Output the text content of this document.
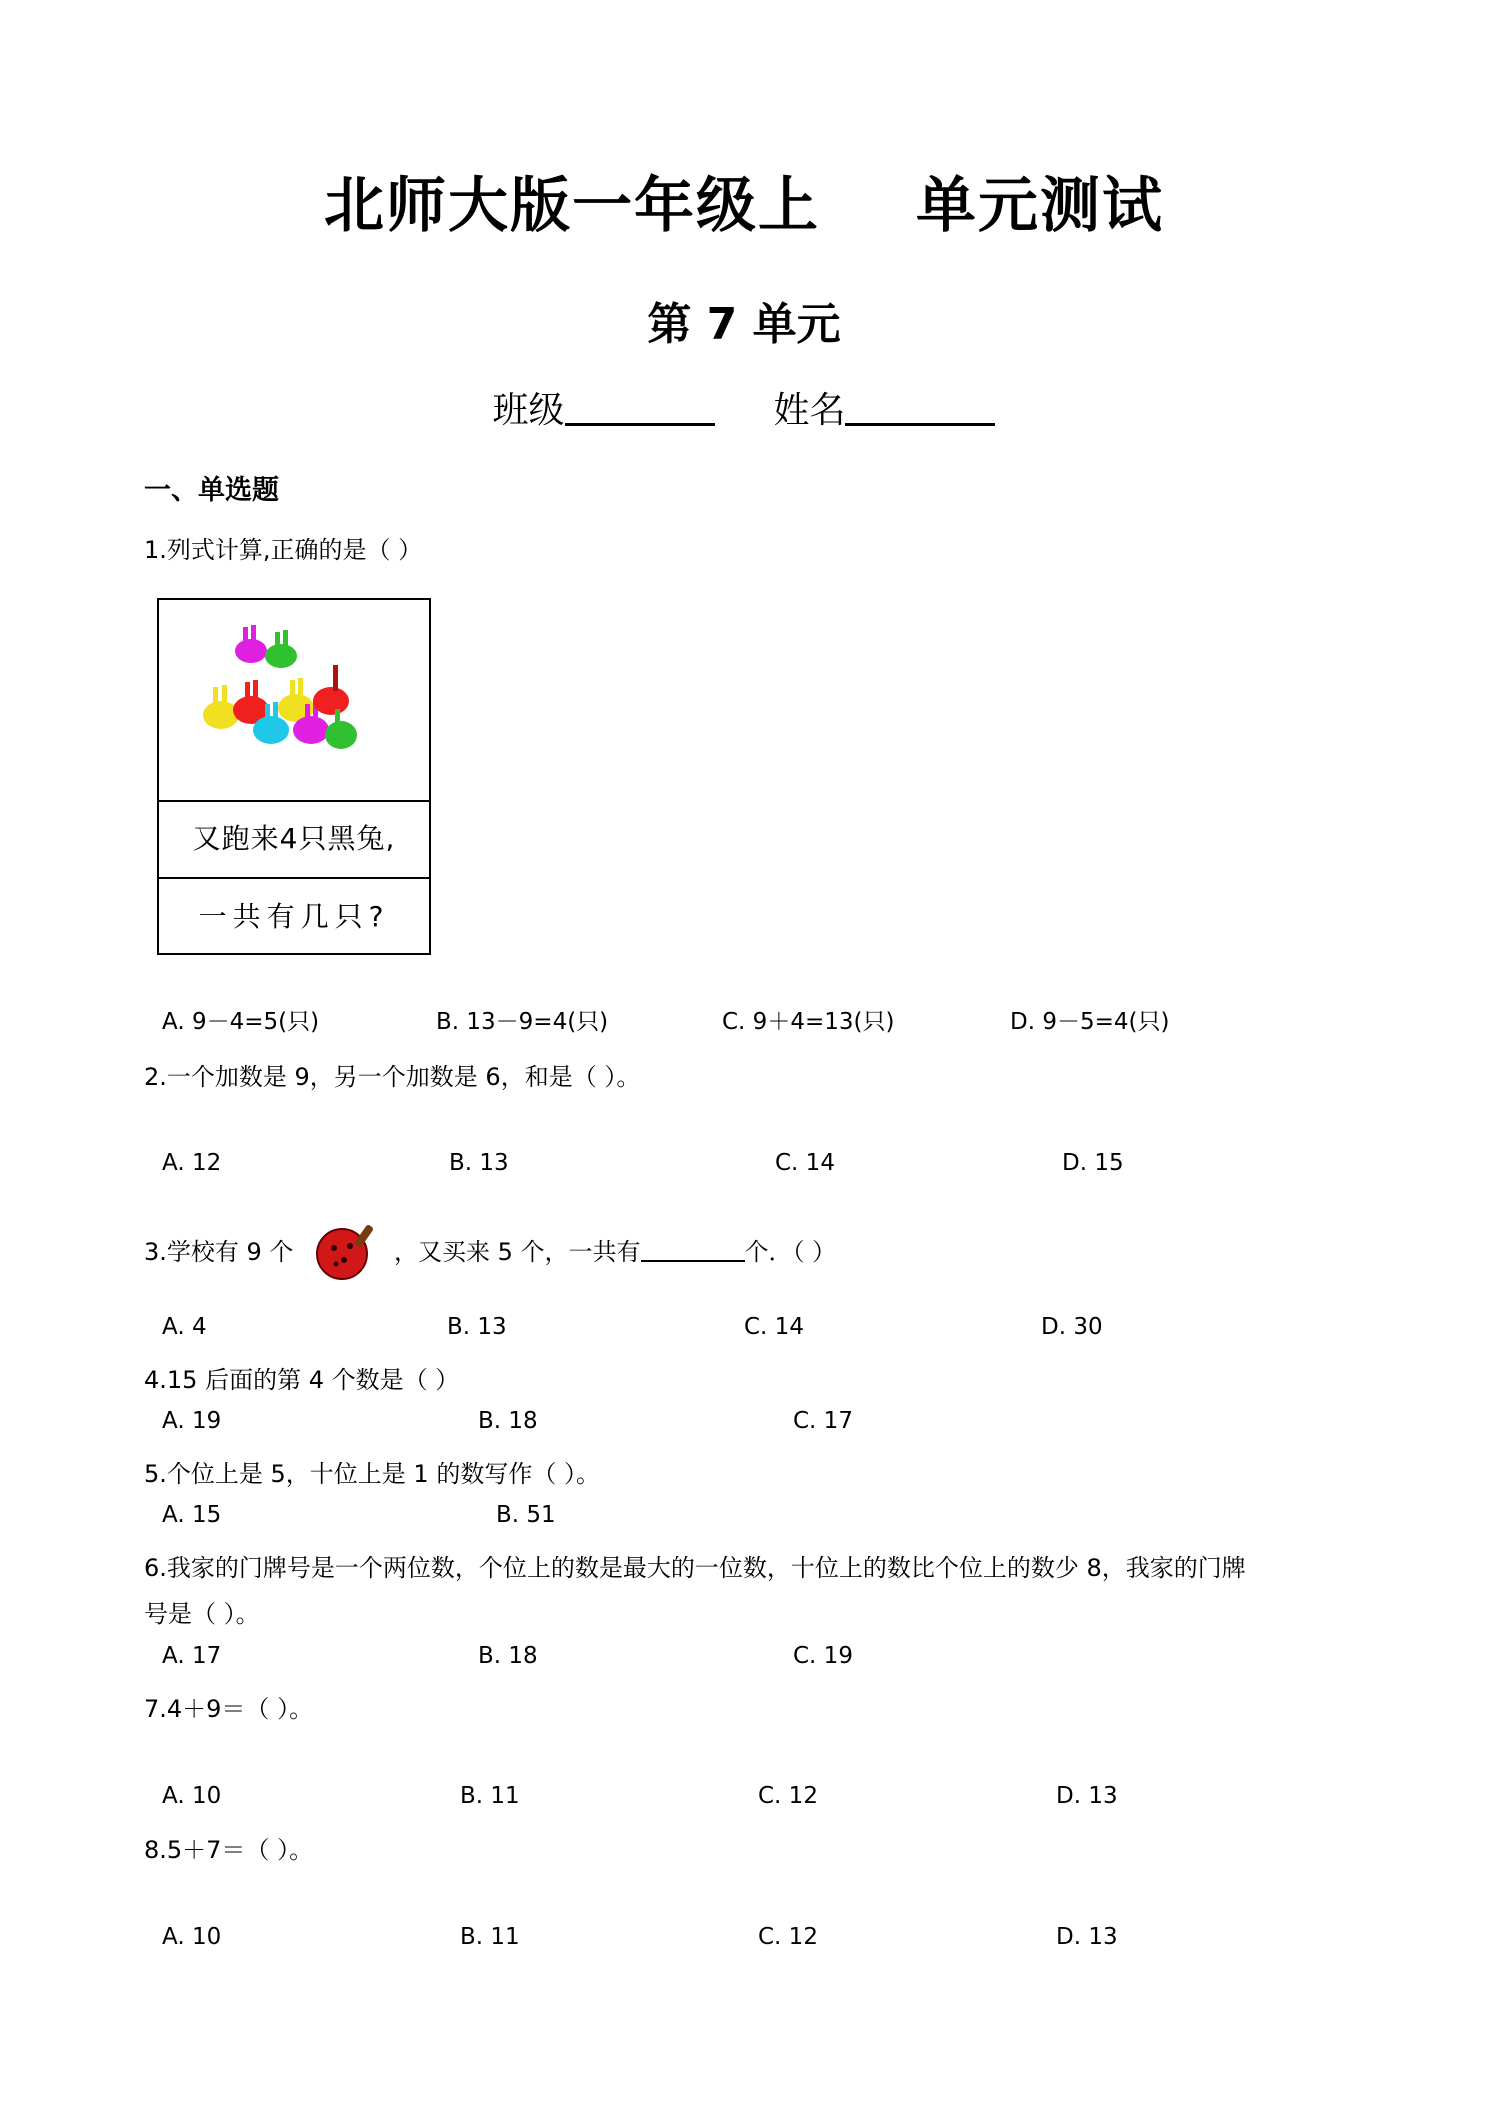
北师大版一年级上 单元测试
第 7 单元
班级	姓名
一、单选题
1.列式计算,正确的是（ ）
又跑来4只黑兔,
一共有几只?
A. 9－4=5(只)	B. 13－9=4(只)	C. 9＋4=13(只)	D. 9－5=4(只)
2.一个加数是 9，另一个加数是 6，和是（ ）。
A. 12	B. 13	C. 14	D. 15
3.学校有 9 个	，又买来 5 个，一共有	个．（ ）
A. 4	B. 13	C. 14	D. 30
4.15 后面的第 4 个数是（ ）
A. 19	B. 18	C. 17
5.个位上是 5，十位上是 1 的数写作（ ）。
A. 15	B. 51
6.我家的门牌号是一个两位数，个位上的数是最大的一位数，十位上的数比个位上的数少 8，我家的门牌
号是（ ）。
A. 17	B. 18	C. 19
7.4＋9＝（ ）。
A. 10	B. 11	C. 12	D. 13
8.5＋7＝（ ）。
A. 10	B. 11	C. 12	D. 13
